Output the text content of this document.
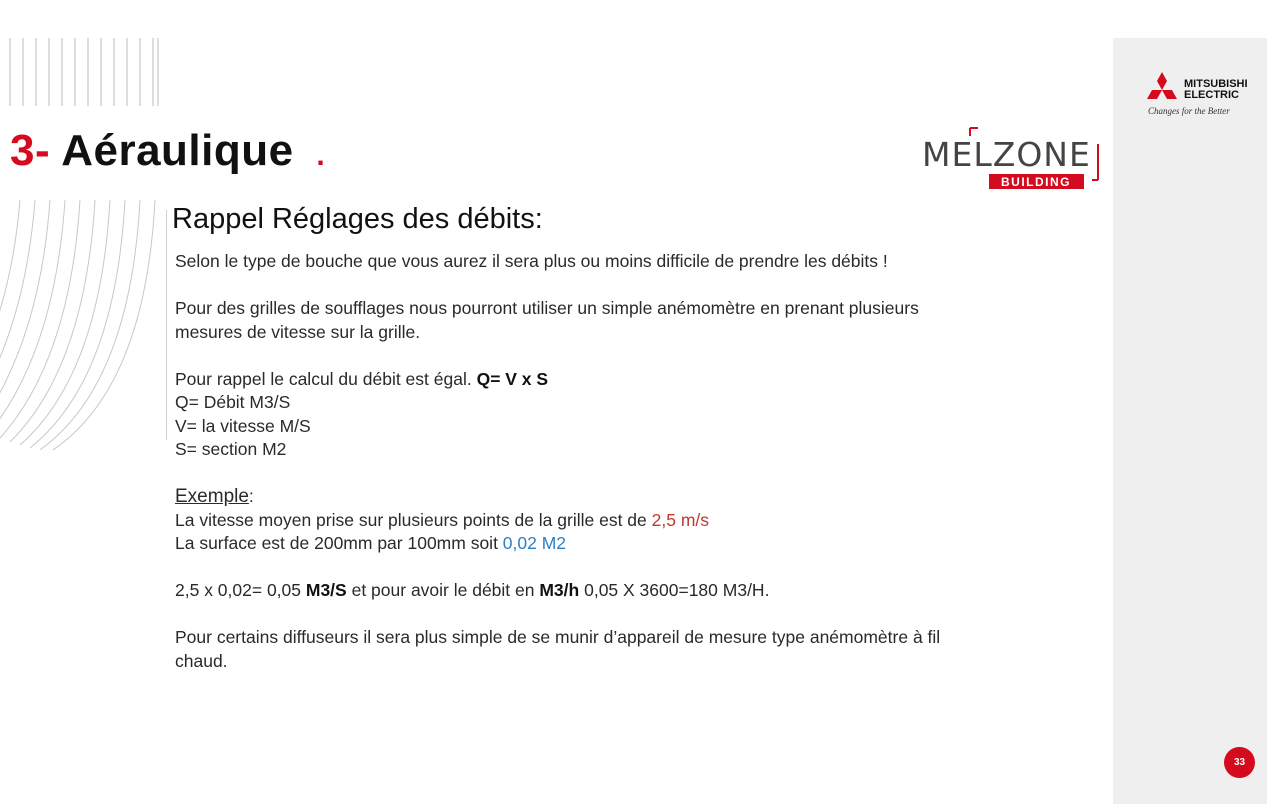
3- Aéraulique .	MELZONE
BUILDING
MITSUBISHI
ELECTRIC
Changes for the Better
Rappel Réglages des débits:

Selon le type de bouche que vous aurez il sera plus ou moins difficile de prendre les débits !

Pour des grilles de soufflages nous pourront utiliser un simple anémomètre en prenant plusieurs

mesures de vitesse sur la grille.

Pour rappel le calcul du débit est égal. Q= V x S

Q= Débit M3/S

V= la vitesse M/S

S= section M2

Exemple:

La vitesse moyen prise sur plusieurs points de la grille est de 2,5 m/s

La surface est de 200mm par 100mm soit 0,02 M2

2,5 x 0,02= 0,05 M3/S et pour avoir le débit en M3/h 0,05 X 3600=180 M3/H.

Pour certains diffuseurs il sera plus simple de se munir d’appareil de mesure type anémomètre à fil

chaud.

33
